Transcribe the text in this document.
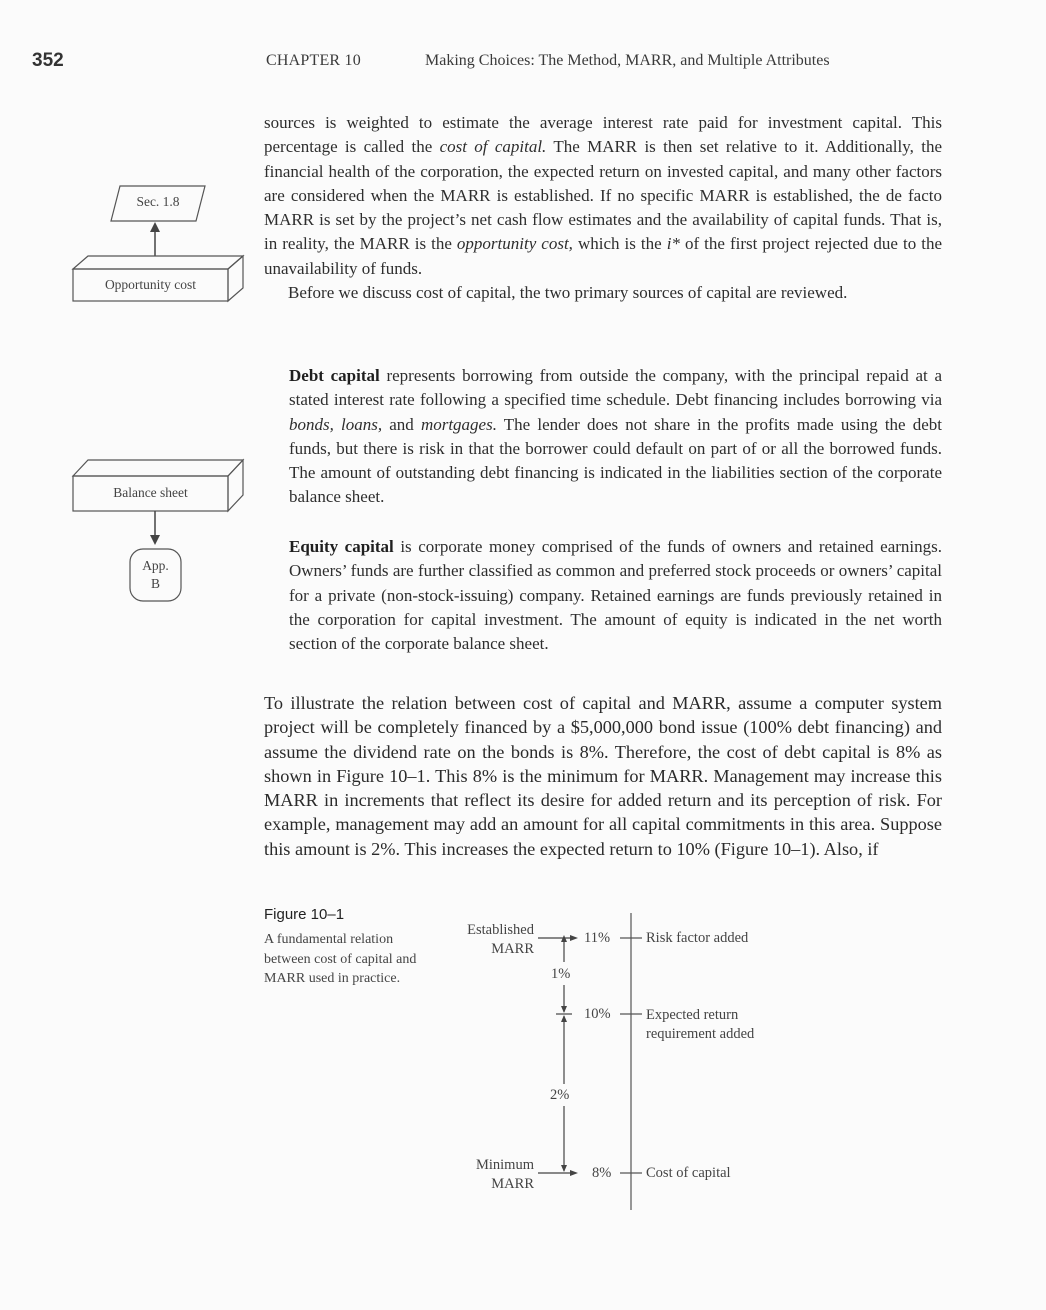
352	CHAPTER 10	Making Choices: The Method, MARR, and Multiple Attributes
Sec. 1.8
Opportunity cost
Balance sheet
App.
B

sources is weighted to estimate the average interest rate paid for investment capital. This percentage is called the cost of capital. The MARR is then set relative to it. Additionally, the financial health of the corporation, the expected return on invested capital, and many other factors are considered when the MARR is established. If no specific MARR is established, the de facto MARR is set by the project’s net cash flow estimates and the availability of capital funds. That is, in reality, the MARR is the opportunity cost, which is the i* of the first project rejected due to the unavailability of funds.

Before we discuss cost of capital, the two primary sources of capital are reviewed.

Debt capital represents borrowing from outside the company, with the principal repaid at a stated interest rate following a specified time schedule. Debt financing includes borrowing via bonds, loans, and mortgages. The lender does not share in the profits made using the debt funds, but there is risk in that the borrower could default on part of or all the borrowed funds. The amount of outstanding debt financing is indicated in the liabilities section of the corporate balance sheet.

Equity capital is corporate money comprised of the funds of owners and retained earnings. Owners’ funds are further classified as common and preferred stock proceeds or owners’ capital for a private (non-stock-issuing) company. Retained earnings are funds previously retained in the corporation for capital investment. The amount of equity is indicated in the net worth section of the corporate balance sheet.

To illustrate the relation between cost of capital and MARR, assume a computer system project will be completely financed by a $5,000,000 bond issue (100% debt financing) and assume the dividend rate on the bonds is 8%. Therefore, the cost of debt capital is 8% as shown in Figure 10–1. This 8% is the minimum for MARR. Management may increase this MARR in increments that reflect its desire for added return and its perception of risk. For example, management may add an amount for all capital commitments in this area. Suppose this amount is 2%. This increases the expected return to 10% (Figure 10–1). Also, if

Figure 10–1
A fundamental relation between cost of capital and MARR used in practice.
Established
MARR
Minimum
MARR
11%
10%
8%
1%
2%
Risk factor added
Expected return
requirement added
Cost of capital
